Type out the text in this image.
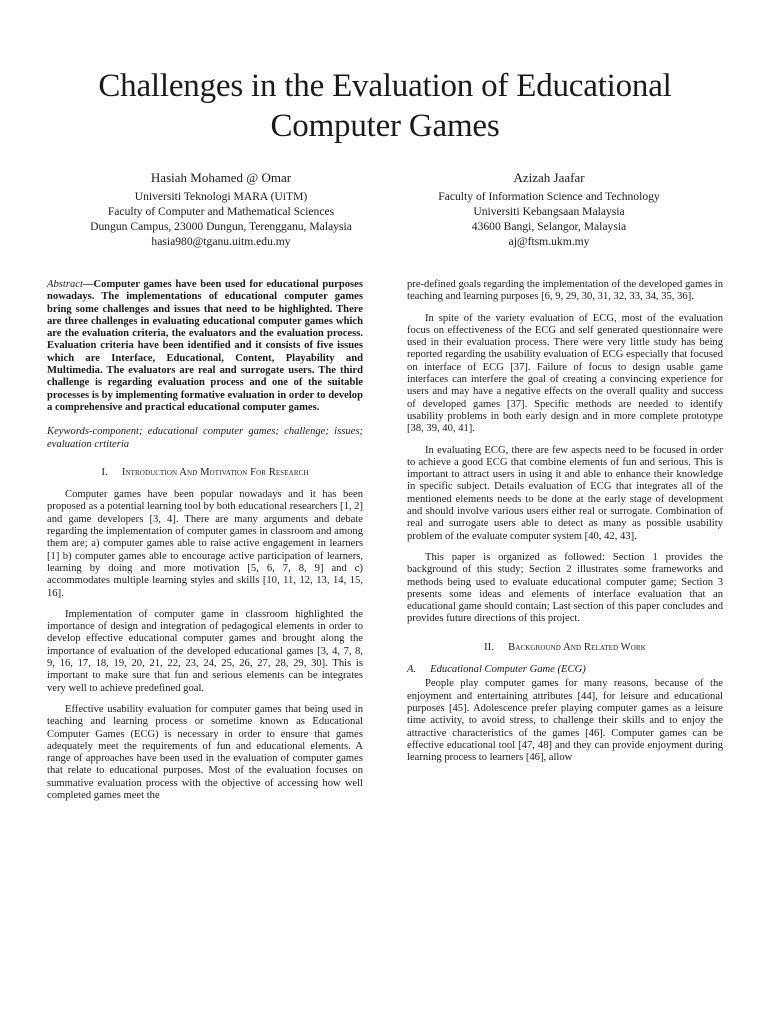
Challenges in the Evaluation of Educational Computer Games
Hasiah Mohamed @ Omar
Universiti Teknologi MARA (UiTM)
Faculty of Computer and Mathematical Sciences
Dungun Campus, 23000 Dungun, Terengganu, Malaysia
hasia980@tganu.uitm.edu.my
Azizah Jaafar
Faculty of Information Science and Technology
Universiti Kebangsaan Malaysia
43600 Bangi, Selangor, Malaysia
aj@ftsm.ukm.my

Abstract—Computer games have been used for educational purposes nowadays. The implementations of educational computer games bring some challenges and issues that need to be highlighted. There are three challenges in evaluating educational computer games which are the evaluation criteria, the evaluators and the evaluation process. Evaluation criteria have been identified and it consists of five issues which are Interface, Educational, Content, Playability and Multimedia. The evaluators are real and surrogate users. The third challenge is regarding evaluation process and one of the suitable processes is by implementing formative evaluation in order to develop a comprehensive and practical educational computer games.

Keywords-component; educational computer games; challenge; issues; evaluation crtiteria

I. Introduction And Motivation For Research

Computer games have been popular nowadays and it has been proposed as a potential learning tool by both educational researchers [1, 2] and game developers [3, 4]. There are many arguments and debate regarding the implementation of computer games in classroom and among them are; a) computer games able to raise active engagement in learners [1] b) computer games able to encourage active participation of learners, learning by doing and more motivation [5, 6, 7, 8, 9] and c) accommodates multiple learning styles and skills [10, 11, 12, 13, 14, 15, 16].

Implementation of computer game in classroom highlighted the importance of design and integration of pedagogical elements in order to develop effective educational computer games and brought along the importance of evaluation of the developed educational games [3, 4, 7, 8, 9, 16, 17, 18, 19, 20, 21, 22, 23, 24, 25, 26, 27, 28, 29, 30]. This is important to make sure that fun and serious elements can be integrates very well to achieve predefined goal.

Effective usability evaluation for computer games that being used in teaching and learning process or sometime known as Educational Computer Games (ECG) is necessary in order to ensure that games adequately meet the requirements of fun and educational elements. A range of approaches have been used in the evaluation of computer games that relate to educational purposes. Most of the evaluation focuses on summative evaluation process with the objective of accessing how well completed games meet the

pre-defined goals regarding the implementation of the developed games in teaching and learning purposes [6, 9, 29, 30, 31, 32, 33, 34, 35, 36].

In spite of the variety evaluation of ECG, most of the evaluation focus on effectiveness of the ECG and self generated questionnaire were used in their evaluation process. There were very little study has being reported regarding the usability evaluation of ECG especially that focused on interface of ECG [37]. Failure of focus to design usable game interfaces can interfere the goal of creating a convincing experience for users and may have a negative effects on the overall quality and success of developed games [37]. Specific methods are needed to identify usability problems in both early design and in more complete prototype [38, 39, 40, 41].

In evaluating ECG, there are few aspects need to be focused in order to achieve a good ECG that combine elements of fun and serious. This is important to attract users in using it and able to enhance their knowledge in specific subject. Details evaluation of ECG that integrates all of the mentioned elements needs to be done at the early stage of development and should involve various users either real or surrogate. Combination of real and surrogate users able to detect as many as possible usability problem of the evaluate computer system [40, 42, 43].

This paper is organized as followed: Section 1 provides the background of this study; Section 2 illustrates some frameworks and methods being used to evaluate educational computer game; Section 3 presents some ideas and elements of interface evaluation that an educational game should contain; Last section of this paper concludes and provides future directions of this project.

II. Background And Related Work
A. Educational Computer Game (ECG)

People play computer games for many reasons, because of the enjoyment and entertaining attributes [44], for leisure and educational purposes [45]. Adolescence prefer playing computer games as a leisure time activity, to avoid stress, to challenge their skills and to enjoy the attractive characteristics of the games [46]. Computer games can be effective educational tool [47, 48] and they can provide enjoyment during learning process to learners [46], allow
